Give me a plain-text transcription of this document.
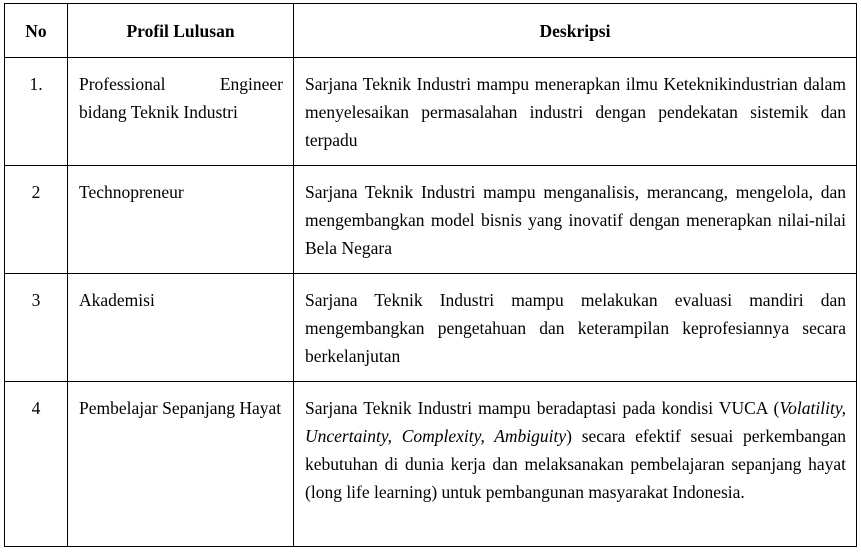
No	Profil Lulusan	Deskripsi
1.	Professional Engineer bidang Teknik Industri	Sarjana Teknik Industri mampu menerapkan ilmu Keteknikindustrian dalam menyelesaikan permasalahan industri dengan pendekatan sistemik dan terpadu
2	Technopreneur	Sarjana Teknik Industri mampu menganalisis, merancang, mengelola, dan mengembangkan model bisnis yang inovatif dengan menerapkan nilai-nilai Bela Negara
3	Akademisi	Sarjana Teknik Industri mampu melakukan evaluasi mandiri dan mengembangkan pengetahuan dan keterampilan keprofesiannya secara berkelanjutan
4	Pembelajar Sepanjang Hayat	Sarjana Teknik Industri mampu beradaptasi pada kondisi VUCA (Volatility, Uncertainty, Complexity, Ambiguity) secara efektif sesuai perkembangan kebutuhan di dunia kerja dan melaksanakan pembelajaran sepanjang hayat (long life learning) untuk pembangunan masyarakat Indonesia.
